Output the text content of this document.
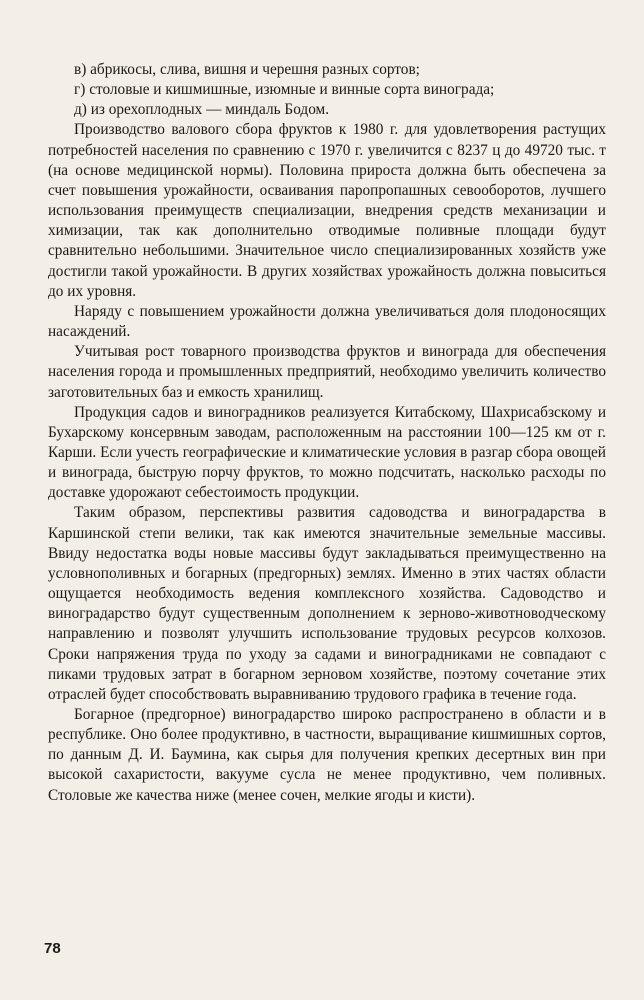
в) абрикосы, слива, вишня и черешня разных сортов;

г) столовые и кишмишные, изюмные и винные сорта винограда;

д) из орехоплодных — миндаль Бодом.

Производство валового сбора фруктов к 1980 г. для удовлетворения растущих потребностей населения по сравнению с 1970 г. увеличится с 8237 ц до 49720 тыс. т (на основе медицинской нормы). Половина прироста должна быть обеспечена за счет повышения урожайности, осваивания паропропашных севооборотов, лучшего использования преимуществ специализации, внедрения средств механизации и химизации, так как дополнительно отводимые поливные площади будут сравнительно небольшими. Значительное число специализированных хозяйств уже достигли такой урожайности. В других хозяйствах урожайность должна повыситься до их уровня.

Наряду с повышением урожайности должна увеличиваться доля плодоносящих насаждений.

Учитывая рост товарного производства фруктов и винограда для обеспечения населения города и промышленных предприятий, необходимо увеличить количество заготовительных баз и емкость хранилищ.

Продукция садов и виноградников реализуется Китабскому, Шахрисабзскому и Бухарскому консервным заводам, расположенным на расстоянии 100—125 км от г. Карши. Если учесть географические и климатические условия в разгар сбора овощей и винограда, быструю порчу фруктов, то можно подсчитать, насколько расходы по доставке удорожают себестоимость продукции.

Таким образом, перспективы развития садоводства и виноградарства в Каршинской степи велики, так как имеются значительные земельные массивы. Ввиду недостатка воды новые массивы будут закладываться преимущественно на условнополивных и богарных (предгорных) землях. Именно в этих частях области ощущается необходимость ведения комплексного хозяйства. Садоводство и виноградарство будут существенным дополнением к зерново-животноводческому направлению и позволят улучшить использование трудовых ресурсов колхозов. Сроки напряжения труда по уходу за садами и виноградниками не совпадают с пиками трудовых затрат в богарном зерновом хозяйстве, поэтому сочетание этих отраслей будет способствовать выравниванию трудового графика в течение года.

Богарное (предгорное) виноградарство широко распространено в области и в республике. Оно более продуктивно, в частности, выращивание кишмишных сортов, по данным Д. И. Баумина, как сырья для получения крепких десертных вин при высокой сахаристости, вакууме сусла не менее продуктивно, чем поливных. Столовые же качества ниже (менее сочен, мелкие ягоды и кисти).

78
